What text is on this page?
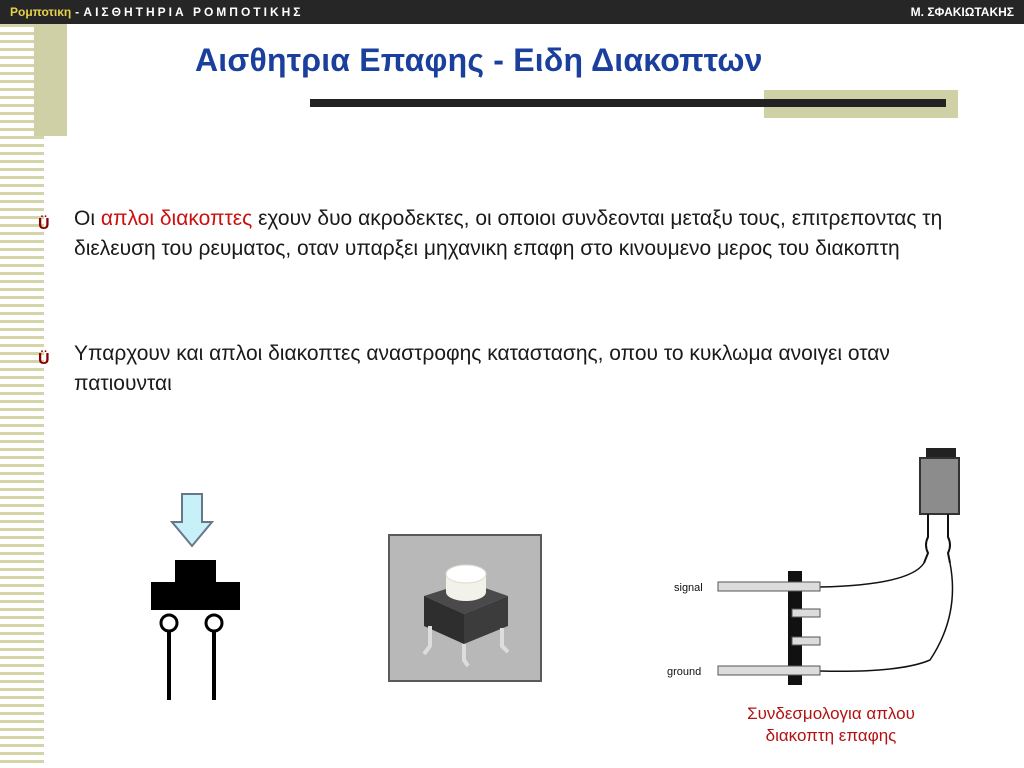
Ρομποτικη - ΑΙΣΘΗΤΗΡΙΑ ΡΟΜΠΟΤΙΚΗΣ	Μ. ΣΦΑΚΙΩΤΑΚΗΣ
Αισθητρια Επαφης - Ειδη Διακοπτων
Ü Οι απλοι διακοπτες εχουν δυο ακροδεκτες, οι οποιοι συνδεονται μεταξυ τους, επιτρεποντας τη διελευση του ρευματος, οταν υπαρξει μηχανικη επαφη στο κινουμενο μερος του διακοπτη
Ü Υπαρχουν και απλοι διακοπτες αναστροφης καταστασης, οπου το κυκλωμα ανοιγει οταν πατιουνται
signal
ground
Συνδεσμολογια απλου
διακοπτη επαφης
